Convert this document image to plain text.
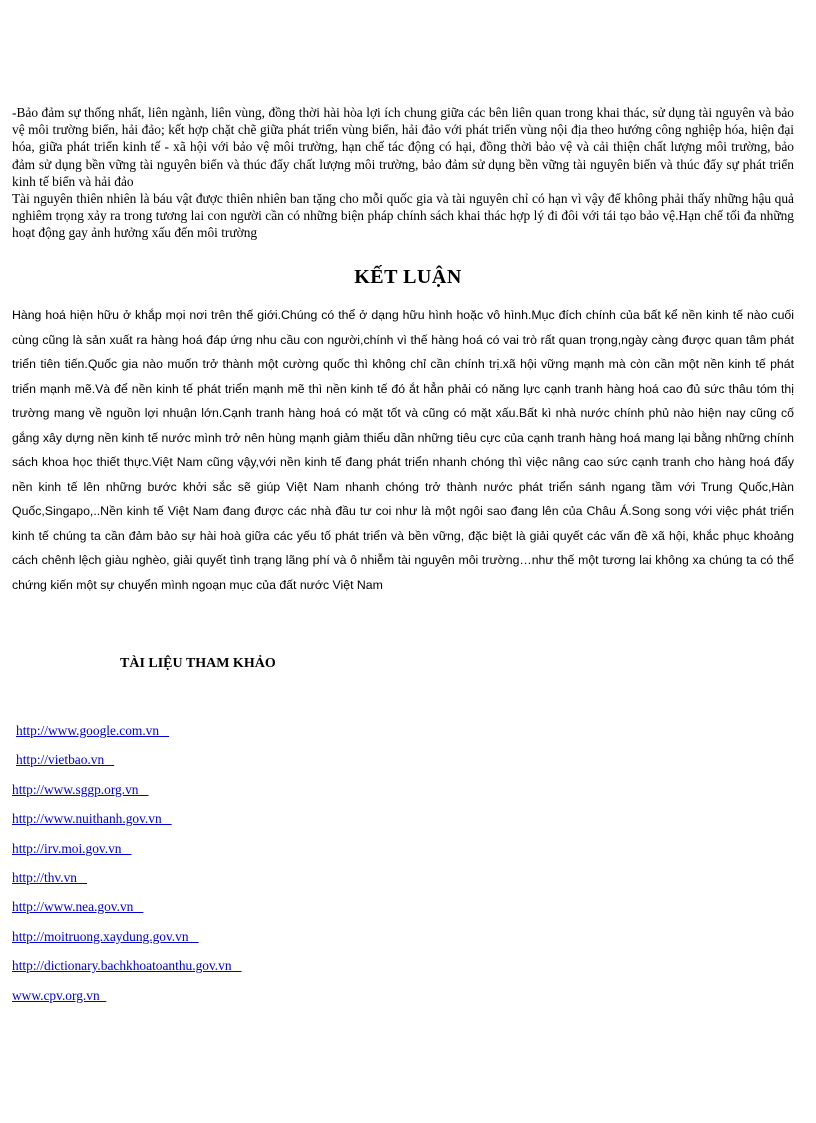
-Bảo đảm sự thống nhất, liên ngành, liên vùng, đồng thời hài hòa lợi ích chung giữa các bên liên quan trong khai thác, sử dụng tài nguyên và bảo vệ môi trường biển, hải đảo; kết hợp chặt chẽ giữa phát triển vùng biển, hải đảo với phát triển vùng nội địa theo hướng công nghiệp hóa, hiện đại hóa, giữa phát triển kinh tế - xã hội với bảo vệ môi trường, hạn chế tác động có hại, đồng thời bảo vệ và cải thiện chất lượng môi trường, bảo đảm sử dụng bền vững tài nguyên biển và thúc đẩy chất lượng môi trường, bảo đảm sử dụng bền vững tài nguyên biển và thúc đẩy sự phát triển kinh tế biển và hải đảo

Tài nguyên thiên nhiên là báu vật được thiên nhiên ban tặng cho mỗi quốc gia và tài nguyên chỉ có hạn vì vậy để không phải thấy những hậu quả nghiêm trọng xảy ra trong tương lai con người cần có những biện pháp chính sách khai thác hợp lý đi đôi với tái tạo bảo vệ.Hạn chế tối đa những hoạt động gay ảnh hưởng xấu đến môi trường

KẾT LUẬN

Hàng hoá hiện hữu ở khắp mọi nơi trên thế giới.Chúng có thể ở dạng hữu hình hoặc vô hình.Mục đích chính của bất kể nền kinh tế nào cuối cùng cũng là sản xuất ra hàng hoá đáp ứng nhu cầu con người,chính vì thế hàng hoá có vai trò rất quan trọng,ngày càng được quan tâm phát triển tiên tiến.Quốc gia nào muốn trở thành một cường quốc thì không chỉ cần chính trị.xã hội vững mạnh mà còn cần một nền kinh tế phát triển mạnh mẽ.Và để nền kinh tế phát triển mạnh mẽ thì nền kinh tế đó ắt hẳn phải có năng lực cạnh tranh hàng hoá cao đủ sức thâu tóm thị trường mang về nguồn lợi nhuận lớn.Cạnh tranh hàng hoá có mặt tốt và cũng có mặt xấu.Bất kì nhà nước chính phủ nào hiện nay cũng cố gắng xây dựng nền kinh tế nước mình trở nên hùng mạnh giảm thiểu dần những tiêu cực của cạnh tranh hàng hoá mang lại bằng những chính sách khoa học thiết thực.Việt Nam cũng vậy,với nền kinh tế đang phát triển nhanh chóng thì việc nâng cao sức cạnh tranh cho hàng hoá đẩy nền kinh tế lên những bước khởi sắc sẽ giúp Việt Nam nhanh chóng trở thành nước phát triển sánh ngang tầm với Trung Quốc,Hàn Quốc,Singapo,..Nền kinh tế Việt Nam đang được các nhà đầu tư coi như là một ngôi sao đang lên của Châu Á.Song song với việc phát triển kinh tế chúng ta cần đảm bảo sự hài hoà giữa các yếu tố phát triển và bền vững, đặc biệt là giải quyết các vấn đề xã hội, khắc phục khoảng cách chênh lệch giàu nghèo, giải quyết tình trạng lãng phí và ô nhiễm tài nguyên môi trường…như thế một tương lai không xa chúng ta có thể chứng kiến một sự chuyển mình ngoạn mục của đất nước Việt Nam

TÀI LIỆU THAM KHẢO
http://www.google.com.vn
http://vietbao.vn
http://www.sggp.org.vn
http://www.nuithanh.gov.vn
http://irv.moi.gov.vn
http://thv.vn
http://www.nea.gov.vn
http://moitruong.xaydung.gov.vn
http://dictionary.bachkhoatoanthu.gov.vn
www.cpv.org.vn
